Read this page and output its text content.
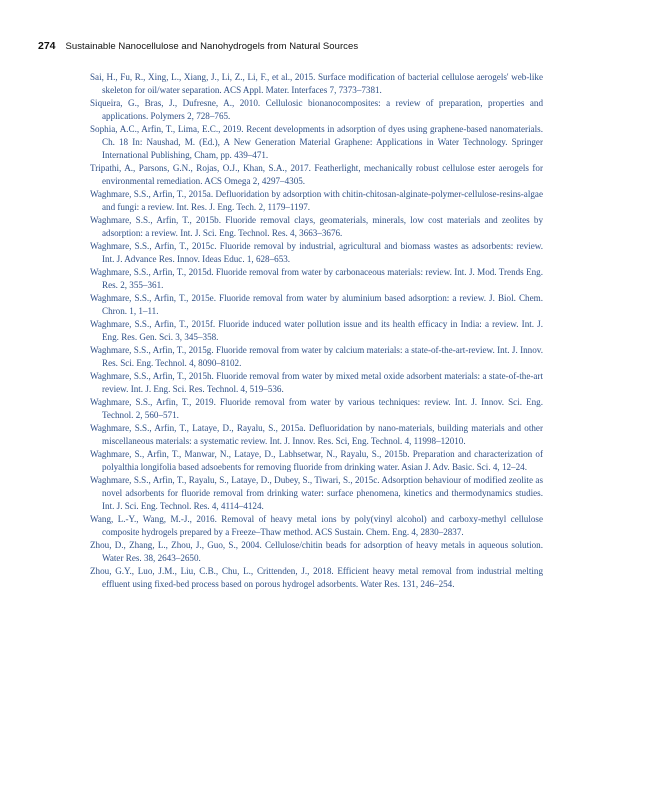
274 Sustainable Nanocellulose and Nanohydrogels from Natural Sources
Sai, H., Fu, R., Xing, L., Xiang, J., Li, Z., Li, F., et al., 2015. Surface modification of bacterial cellulose aerogels' web-like skeleton for oil/water separation. ACS Appl. Mater. Interfaces 7, 7373–7381.
Siqueira, G., Bras, J., Dufresne, A., 2010. Cellulosic bionanocomposites: a review of preparation, properties and applications. Polymers 2, 728–765.
Sophia, A.C., Arfin, T., Lima, E.C., 2019. Recent developments in adsorption of dyes using graphene-based nanomaterials. Ch. 18 In: Naushad, M. (Ed.), A New Generation Material Graphene: Applications in Water Technology. Springer International Publishing, Cham, pp. 439–471.
Tripathi, A., Parsons, G.N., Rojas, O.J., Khan, S.A., 2017. Featherlight, mechanically robust cellulose ester aerogels for environmental remediation. ACS Omega 2, 4297–4305.
Waghmare, S.S., Arfin, T., 2015a. Defluoridation by adsorption with chitin-chitosan-alginate-polymer-cellulose-resins-algae and fungi: a review. Int. Res. J. Eng. Tech. 2, 1179–1197.
Waghmare, S.S., Arfin, T., 2015b. Fluoride removal clays, geomaterials, minerals, low cost materials and zeolites by adsorption: a review. Int. J. Sci. Eng. Technol. Res. 4, 3663–3676.
Waghmare, S.S., Arfin, T., 2015c. Fluoride removal by industrial, agricultural and biomass wastes as adsorbents: review. Int. J. Advance Res. Innov. Ideas Educ. 1, 628–653.
Waghmare, S.S., Arfin, T., 2015d. Fluoride removal from water by carbonaceous materials: review. Int. J. Mod. Trends Eng. Res. 2, 355–361.
Waghmare, S.S., Arfin, T., 2015e. Fluoride removal from water by aluminium based adsorption: a review. J. Biol. Chem. Chron. 1, 1–11.
Waghmare, S.S., Arfin, T., 2015f. Fluoride induced water pollution issue and its health efficacy in India: a review. Int. J. Eng. Res. Gen. Sci. 3, 345–358.
Waghmare, S.S., Arfin, T., 2015g. Fluoride removal from water by calcium materials: a state-of-the-art-review. Int. J. Innov. Res. Sci. Eng. Technol. 4, 8090–8102.
Waghmare, S.S., Arfin, T., 2015h. Fluoride removal from water by mixed metal oxide adsorbent materials: a state-of-the-art review. Int. J. Eng. Sci. Res. Technol. 4, 519–536.
Waghmare, S.S., Arfin, T., 2019. Fluoride removal from water by various techniques: review. Int. J. Innov. Sci. Eng. Technol. 2, 560–571.
Waghmare, S.S., Arfin, T., Lataye, D., Rayalu, S., 2015a. Defluoridation by nano-materials, building materials and other miscellaneous materials: a systematic review. Int. J. Innov. Res. Sci, Eng. Technol. 4, 11998–12010.
Waghmare, S., Arfin, T., Manwar, N., Lataye, D., Labhsetwar, N., Rayalu, S., 2015b. Preparation and characterization of polyalthia longifolia based adsoebents for removing fluoride from drinking water. Asian J. Adv. Basic. Sci. 4, 12–24.
Waghmare, S.S., Arfin, T., Rayalu, S., Lataye, D., Dubey, S., Tiwari, S., 2015c. Adsorption behaviour of modified zeolite as novel adsorbents for fluoride removal from drinking water: surface phenomena, kinetics and thermodynamics studies. Int. J. Sci. Eng. Technol. Res. 4, 4114–4124.
Wang, L.-Y., Wang, M.-J., 2016. Removal of heavy metal ions by poly(vinyl alcohol) and carboxy-methyl cellulose composite hydrogels prepared by a Freeze–Thaw method. ACS Sustain. Chem. Eng. 4, 2830–2837.
Zhou, D., Zhang, L., Zhou, J., Guo, S., 2004. Cellulose/chitin beads for adsorption of heavy metals in aqueous solution. Water Res. 38, 2643–2650.
Zhou, G.Y., Luo, J.M., Liu, C.B., Chu, L., Crittenden, J., 2018. Efficient heavy metal removal from industrial melting effluent using fixed-bed process based on porous hydrogel adsorbents. Water Res. 131, 246–254.
